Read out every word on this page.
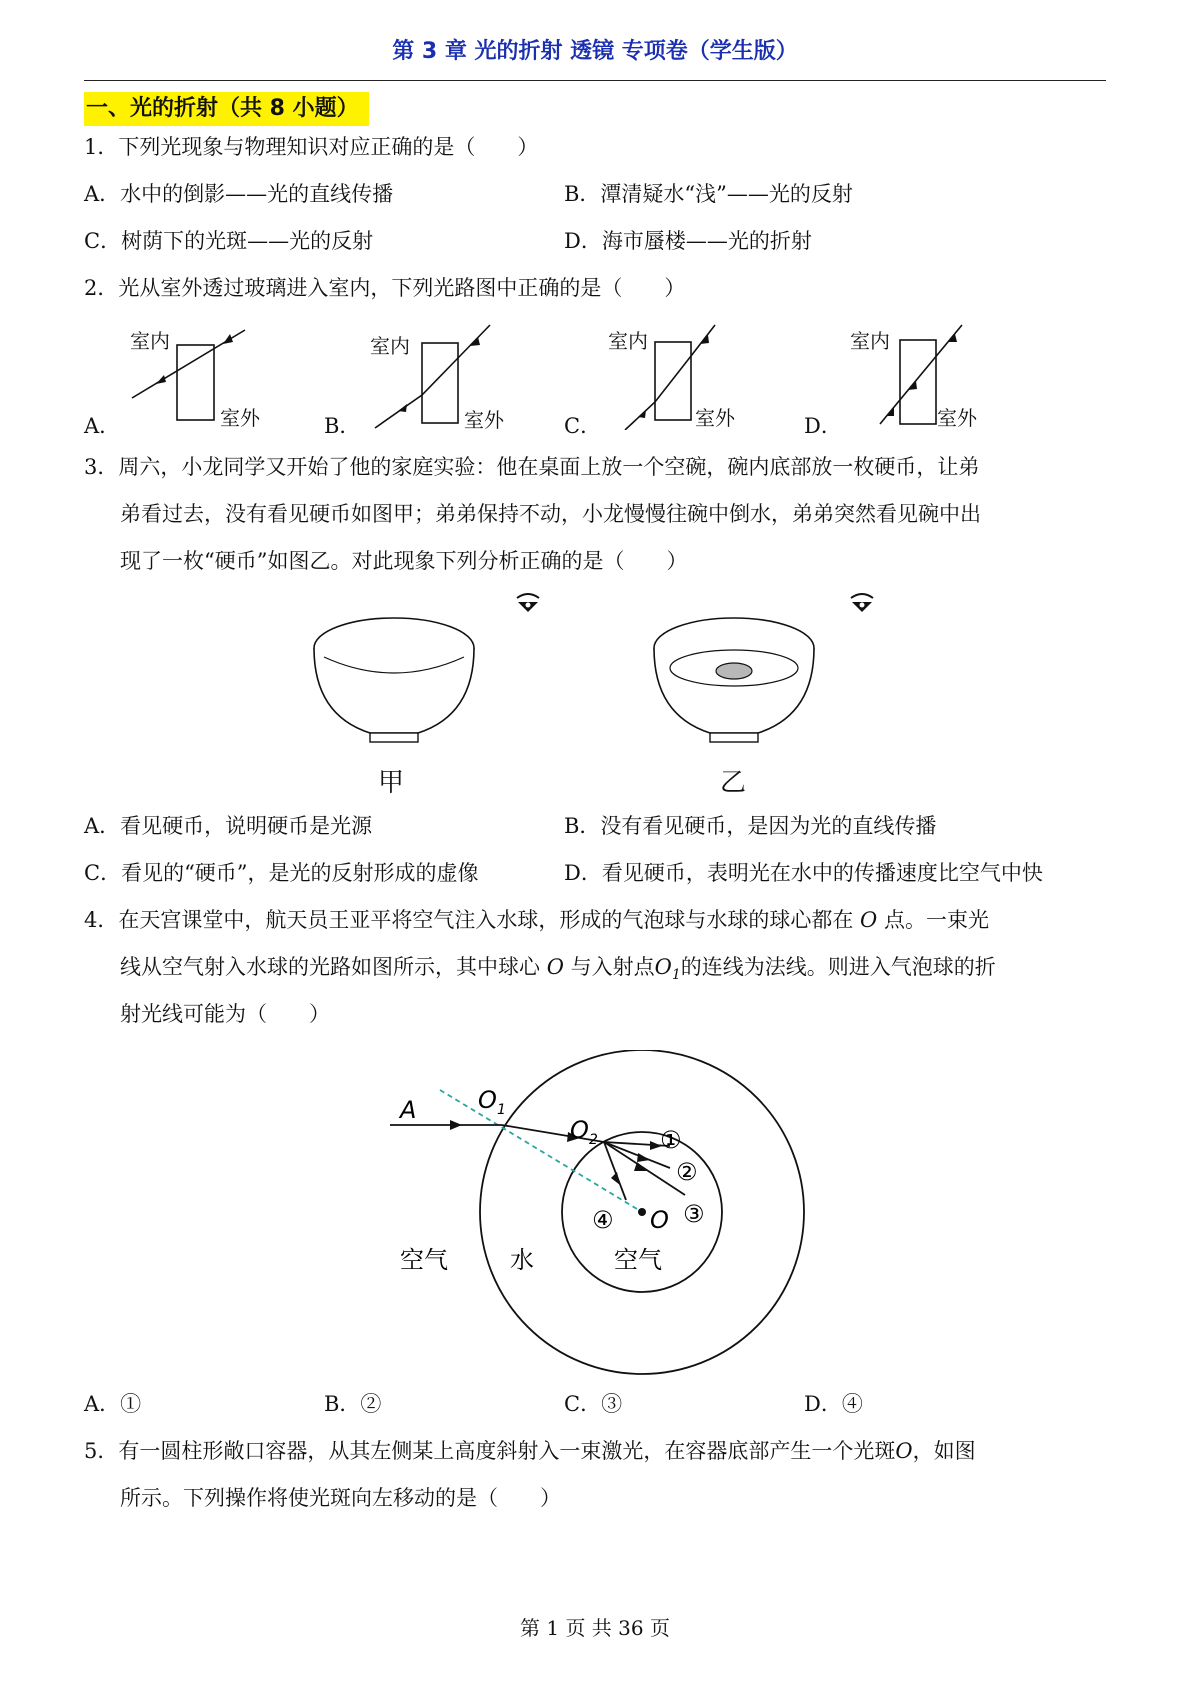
第 3 章 光的折射 透镜 专项卷（学生版）
一、光的折射（共 8 小题）
1．下列光现象与物理知识对应正确的是（　　）
A．水中的倒影——光的直线传播	B．潭清疑水“浅”——光的反射
C．树荫下的光斑——光的反射	D．海市蜃楼——光的折射
2．光从室外透过玻璃进入室内，下列光路图中正确的是（　　）
A．	B．	C．	D．
室内
室外
室内
室外
室内
室外
室内
室外
3．周六，小龙同学又开始了他的家庭实验：他在桌面上放一个空碗，碗内底部放一枚硬币，让弟
弟看过去，没有看见硬币如图甲；弟弟保持不动，小龙慢慢往碗中倒水，弟弟突然看见碗中出
现了一枚“硬币”如图乙。对此现象下列分析正确的是（　　）
甲	乙
A．看见硬币，说明硬币是光源	B．没有看见硬币，是因为光的直线传播
C．看见的“硬币”，是光的反射形成的虚像	D．看见硬币，表明光在水中的传播速度比空气中快
4．在天宫课堂中，航天员王亚平将空气注入水球，形成的气泡球与水球的球心都在 O 点。一束光
线从空气射入水球的光路如图所示，其中球心 O 与入射点$O_1$的连线为法线。则进入气泡球的折
射光线可能为（　　）
A	O 1
O 2
O
①
②
③
④
空气	水	空气
A．①	B．②	C．③	D．④
5．有一圆柱形敞口容器，从其左侧某上高度斜射入一束激光，在容器底部产生一个光斑O，如图
所示。下列操作将使光斑向左移动的是（　　）
第 1 页 共 36 页
